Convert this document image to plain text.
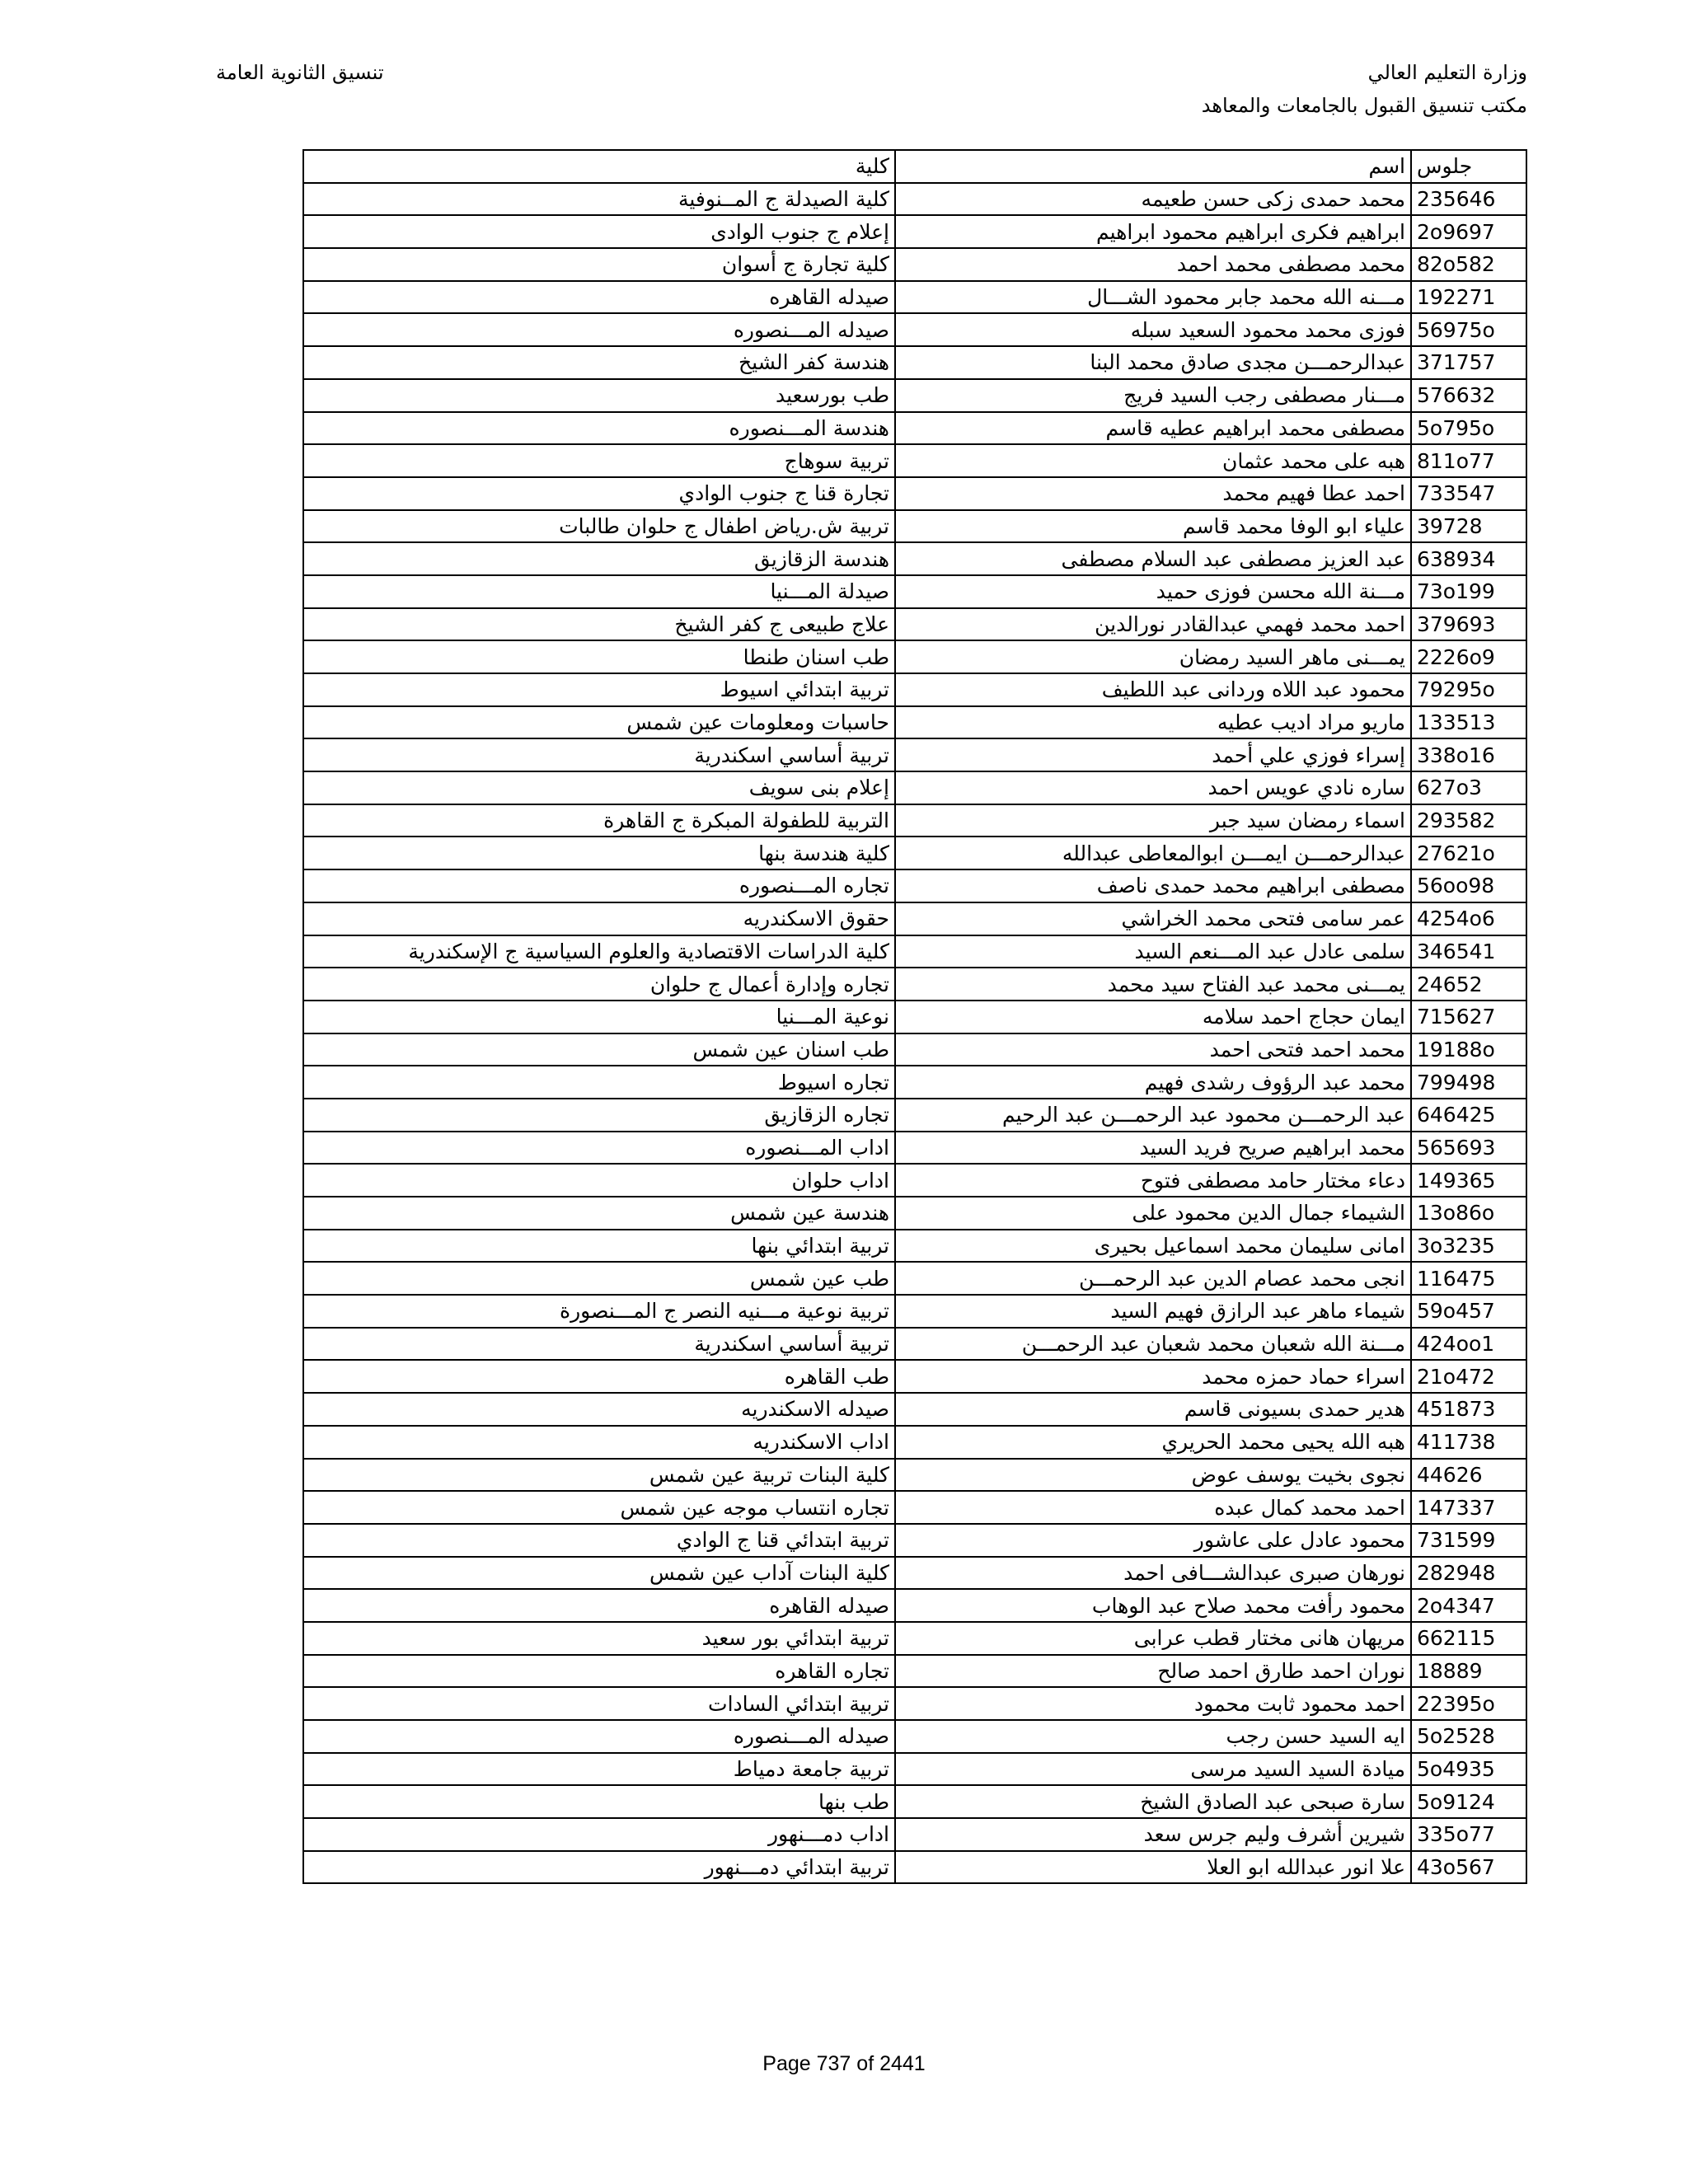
وزارة التعليم العالي
مكتب تنسيق القبول بالجامعات والمعاهد
تنسيق الثانوية العامة
جلوس	اسم	كلية
235646	محمد حمدى زكى حسن طعيمه	كلية الصيدلة ج المــنوفية
2o9697	ابراهيم فكرى ابراهيم محمود ابراهيم	إعلام ج جنوب الوادى
82o582	محمد مصطفى محمد احمد	كلية تجارة ج أسوان
192271	مـــنه الله محمد جابر محمود الشـــال	صيدله القاهره
56975o	فوزى محمد محمود السعيد سبله	صيدله المـــنصوره
371757	عبدالرحمـــن مجدى صادق محمد البنا	هندسة كفر الشيخ
576632	مـــنار مصطفى رجب السيد فريج	طب بورسعيد
5o795o	مصطفى محمد ابراهيم عطيه قاسم	هندسة المـــنصوره
811o77	هبه على محمد عثمان	تربية سوهاج
733547	احمد عطا فهيم محمد	تجارة قنا ج جنوب الوادي
39728	علياء ابو الوفا محمد قاسم	تربية ش.رياض اطفال ج حلوان طالبات
638934	عبد العزيز مصطفى عبد السلام مصطفى	هندسة الزقازيق
73o199	مـــنة الله محسن فوزى حميد	صيدلة المـــنيا
379693	احمد محمد فهمي عبدالقادر نورالدين	علاج طبيعى ج كفر الشيخ
2226o9	يمـــنى ماهر السيد رمضان	طب اسنان طنطا
79295o	محمود عبد اللاه وردانى عبد اللطيف	تربية ابتدائي اسيوط
133513	ماريو مراد اديب عطيه	حاسبات ومعلومات عين شمس
338o16	إسراء فوزي علي أحمد	تربية أساسي اسكندرية
627o3	ساره نادي عويس احمد	إعلام بنى سويف
293582	اسماء رمضان سيد جبر	التربية للطفولة المبكرة ج القاهرة
27621o	عبدالرحمـــن ايمـــن ابوالمعاطى عبدالله	كلية هندسة بنها
56oo98	مصطفى ابراهيم محمد حمدى ناصف	تجاره المـــنصوره
4254o6	عمر سامى فتحى محمد الخراشي	حقوق الاسكندريه
346541	سلمى عادل عبد المـــنعم السيد	كلية الدراسات الاقتصادية والعلوم السياسية ج الإسكندرية
24652	يمـــنى محمد عبد الفتاح سيد محمد	تجاره وإدارة أعمال ج حلوان
715627	ايمان حجاج احمد سلامه	نوعية المـــنيا
19188o	محمد احمد فتحى احمد	طب اسنان عين شمس
799498	محمد عبد الرؤوف رشدى فهيم	تجاره اسيوط
646425	عبد الرحمـــن محمود عبد الرحمـــن عبد الرحيم	تجاره الزقازيق
565693	محمد ابراهيم صريح فريد السيد	اداب المـــنصوره
149365	دعاء مختار حامد مصطفى فتوح	اداب حلوان
13o86o	الشيماء جمال الدين محمود على	هندسة عين شمس
3o3235	امانى سليمان محمد اسماعيل بحيرى	تربية ابتدائي بنها
116475	انجى محمد عصام الدين عبد الرحمـــن	طب عين شمس
59o457	شيماء ماهر عبد الرازق فهيم السيد	تربية نوعية مـــنيه النصر ج المـــنصورة
424oo1	مـــنة الله شعبان محمد شعبان عبد الرحمـــن	تربية أساسي اسكندرية
21o472	اسراء حماد حمزه محمد	طب القاهره
451873	هدير حمدى بسيونى قاسم	صيدله الاسكندريه
411738	هبه الله يحيى محمد الحريري	اداب الاسكندريه
44626	نجوى بخيت يوسف عوض	كلية البنات تربية عين شمس
147337	احمد محمد كمال عبده	تجاره انتساب موجه عين شمس
731599	محمود عادل على عاشور	تربية ابتدائي قنا ج الوادي
282948	نورهان صبرى عبدالشـــافى احمد	كلية البنات آداب عين شمس
2o4347	محمود رأفت محمد صلاح عبد الوهاب	صيدله القاهره
662115	مريهان هانى مختار قطب عرابى	تربية ابتدائي بور سعيد
18889	نوران احمد طارق احمد صالح	تجاره القاهره
22395o	احمد محمود ثابت محمود	تربية ابتدائي السادات
5o2528	ايه السيد حسن رجب	صيدله المـــنصوره
5o4935	ميادة السيد السيد مرسى	تربية جامعة دمياط
5o9124	سارة صبحى عبد الصادق الشيخ	طب بنها
335o77	شيرين أشرف وليم جرس سعد	اداب دمـــنهور
43o567	علا انور عبدالله ابو العلا	تربية ابتدائي دمـــنهور
Page 737 of 2441
